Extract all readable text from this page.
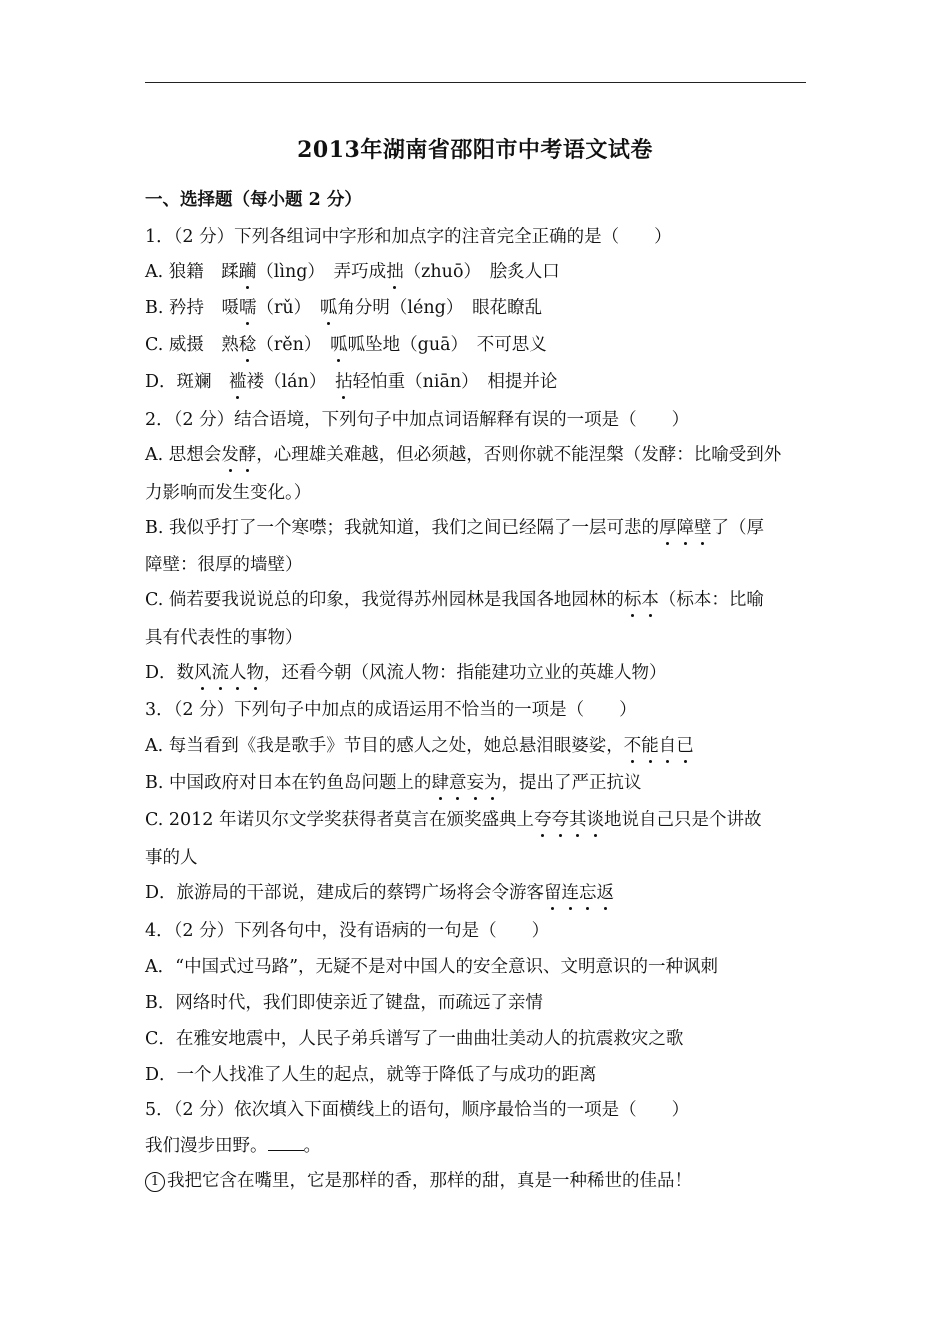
2013年湖南省邵阳市中考语文试卷
一、选择题（每小题 2 分）
1．（2 分）下列各组词中字形和加点字的注音完全正确的是（　　）
A. 狼籍　蹂躏（lìng）　弄巧成拙（zhuō）　脍炙人口
B. 矜持　嗫嚅（rǔ）　呱角分明（léng）　眼花瞭乱
C. 威摄　熟稔（rěn）　呱呱坠地（guā）　不可思义
D．斑斓　褴褛（lán）　拈轻怕重（niān）　相提并论
2．（2 分）结合语境，下列句子中加点词语解释有误的一项是（　　）
A. 思想会发酵，心理雄关难越，但必须越，否则你就不能涅槃（发酵：比喻受到外
力影响而发生变化。）
B. 我似乎打了一个寒噤；我就知道，我们之间已经隔了一层可悲的厚障壁了（厚
障壁：很厚的墙壁）
C. 倘若要我说说总的印象，我觉得苏州园林是我国各地园林的标本（标本：比喻
具有代表性的事物）
D．数风流人物，还看今朝（风流人物：指能建功立业的英雄人物）
3．（2 分）下列句子中加点的成语运用不恰当的一项是（　　）
A. 每当看到《我是歌手》节目的感人之处，她总悬泪眼婆娑，不能自已
B. 中国政府对日本在钓鱼岛问题上的肆意妄为，提出了严正抗议
C. 2012 年诺贝尔文学奖获得者莫言在颁奖盛典上夸夸其谈地说自己只是个讲故
事的人
D．旅游局的干部说，建成后的蔡锷广场将会令游客留连忘返
4．（2 分）下列各句中，没有语病的一句是（　　）
A．“中国式过马路”，无疑不是对中国人的安全意识、文明意识的一种讽刺
B．网络时代，我们即使亲近了键盘，而疏远了亲情
C．在雅安地震中，人民子弟兵谱写了一曲曲壮美动人的抗震救灾之歌
D．一个人找准了人生的起点，就等于降低了与成功的距离
5．（2 分）依次填入下面横线上的语句，顺序最恰当的一项是（　　）
我们漫步田野。 。
1 我把它含在嘴里，它是那样的香，那样的甜，真是一种稀世的佳品！
